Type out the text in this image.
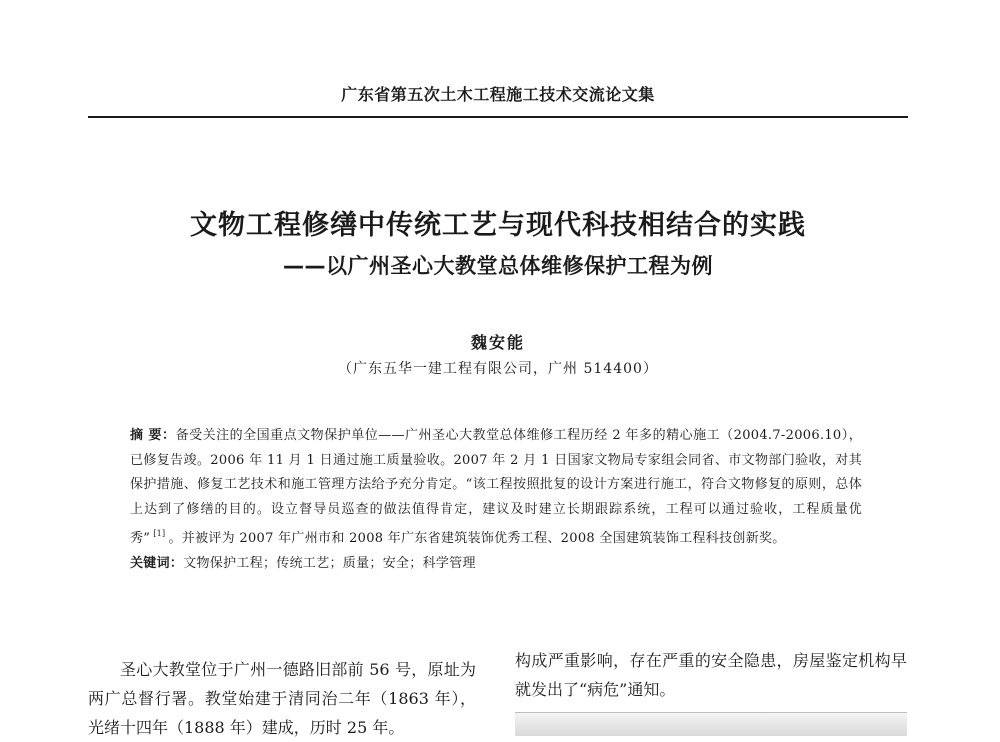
广东省第五次土木工程施工技术交流论文集
文物工程修缮中传统工艺与现代科技相结合的实践
——以广州圣心大教堂总体维修保护工程为例
魏安能
（广东五华一建工程有限公司，广州 514400）

摘 要：备受关注的全国重点文物保护单位——广州圣心大教堂总体维修工程历经 2 年多的精心施工（2004.7-2006.10），已修复告竣。2006 年 11 月 1 日通过施工质量验收。2007 年 2 月 1 日国家文物局专家组会同省、市文物部门验收，对其保护措施、修复工艺技术和施工管理方法给予充分肯定。“该工程按照批复的设计方案进行施工，符合文物修复的原则，总体上达到了修缮的目的。设立督导员巡查的做法值得肯定，建议及时建立长期跟踪系统，工程可以通过验收，工程质量优秀” [1] 。并被评为 2007 年广州市和 2008 年广东省建筑装饰优秀工程、2008 全国建筑装饰工程科技创新奖。

关键词：文物保护工程；传统工艺；质量；安全；科学管理

圣心大教堂位于广州一德路旧部前 56 号，原址为两广总督行署。教堂始建于清同治二年（1863 年），光绪十四年（1888 年）建成，历时 25 年。

构成严重影响，存在严重的安全隐患，房屋鉴定机构早就发出了“病危”通知。
